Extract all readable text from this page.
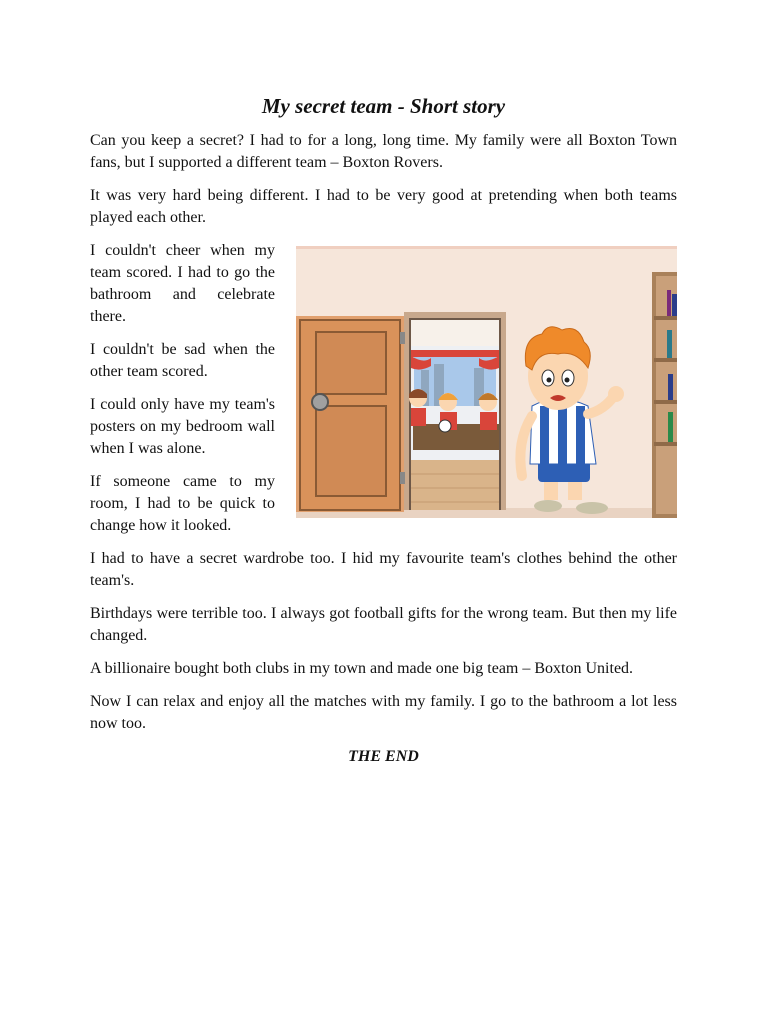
My secret team - Short story

Can you keep a secret? I had to for a long, long time. My family were all Boxton Town fans, but I supported a different team – Boxton Rovers.

It was very hard being different. I had to be very good at pretending when both teams played each other.

I couldn't cheer when my team scored. I had to go the bathroom and celebrate there.

I couldn't be sad when the other team scored.

I could only have my team's posters on my bedroom wall when I was alone.

If someone came to my room, I had to be quick to change how it looked.

I had to have a secret wardrobe too. I hid my favourite team's clothes behind the other team's.

Birthdays were terrible too. I always got football gifts for the wrong team. But then my life changed.

A billionaire bought both clubs in my town and made one big team – Boxton United.

Now I can relax and enjoy all the matches with my family. I go to the bathroom a lot less now too.

THE END
